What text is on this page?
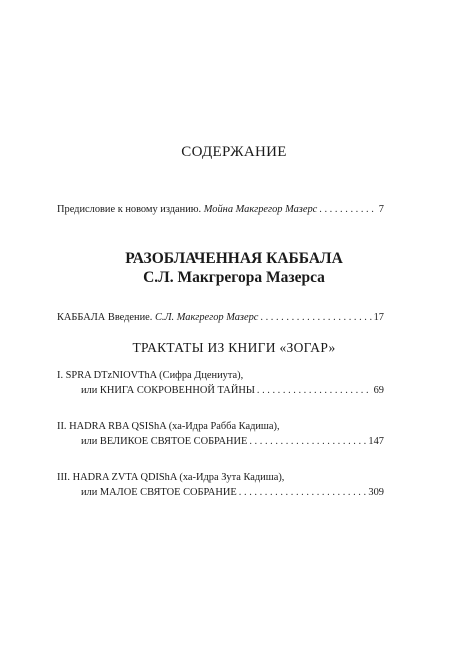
СОДЕРЖАНИЕ
Предисловие к новому изданию.
Мойна Макгрегор Мазерс . . .	7
РАЗОБЛАЧЕННАЯ КАББАЛА
С.Л. Макгрегора Мазерса
КАББАЛА Введение.
С.Л. Макгрегор Мазерс . . .	17
ТРАКТАТЫ ИЗ КНИГИ «ЗОГАР»
I. SPRA DTzNIOVThA (Сифра Дцениута),
или КНИГА СОКРОВЕННОЙ ТАЙНЫ . . .	69
II. HADRA RBA QSIShA (ха-Идра Рабба Кадиша),
или ВЕЛИКОЕ СВЯТОЕ СОБРАНИЕ . . .	147
III. HADRA ZVTA QDIShA (ха-Идра Зута Кадиша),
или МАЛОЕ СВЯТОЕ СОБРАНИЕ . . .	309
